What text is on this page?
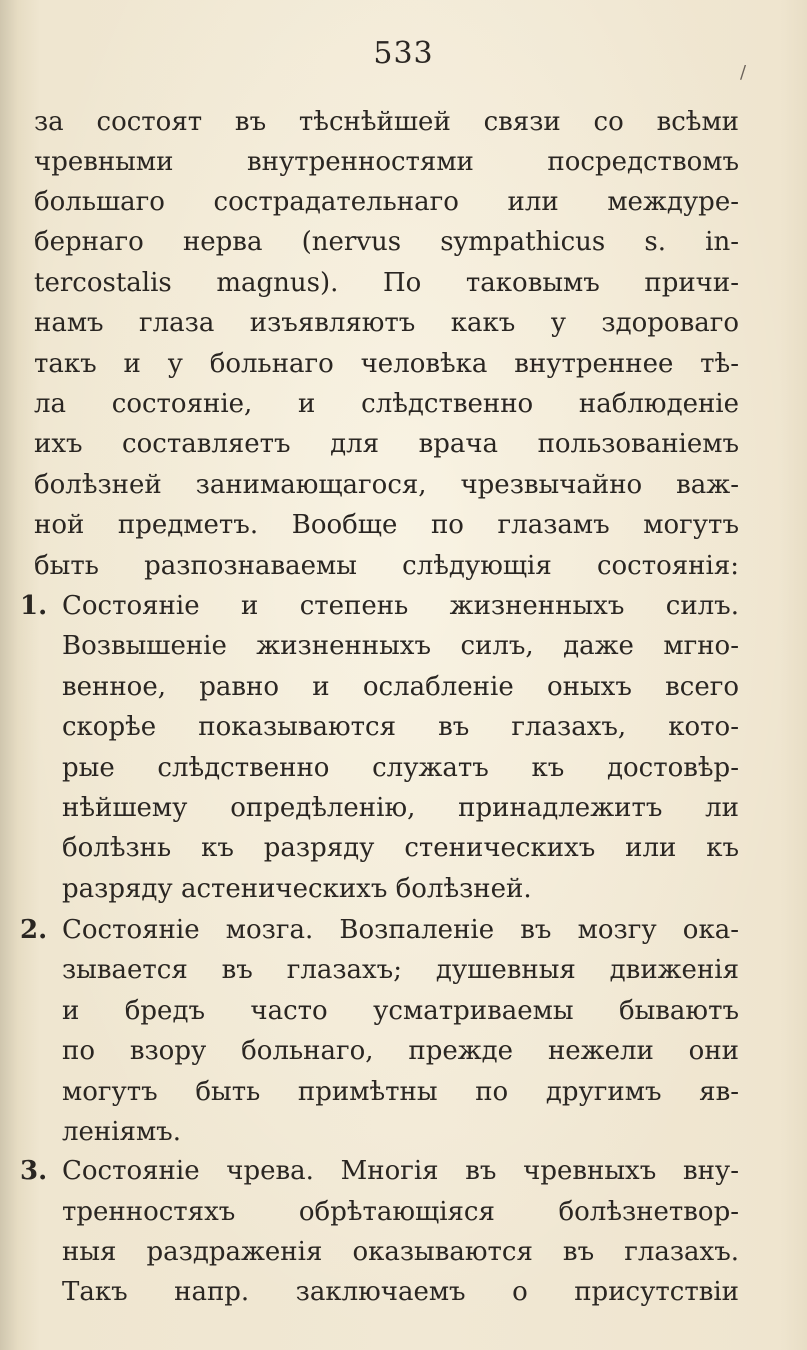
/
533
за состоят въ тѣснѣйшей связи со всѣми
чревными внутренностями посредствомъ
большаго сострадательнаго или междуре-
бернаго нерва (nervus sympathicus s. in-
tercostalis magnus). По таковымъ причи-
намъ глаза изъявляютъ какъ у здороваго
такъ и у больнаго человѣка внутреннее тѣ-
ла состоянiе, и слѣдственно наблюденiе
ихъ составляетъ для врача пользованiемъ
болѣзней занимающагося, чрезвычайно важ-
ной предметъ. Вообще по глазамъ могутъ
быть разпознаваемы слѣдующiя состоянiя:
1. Состоянiе и степень жизненныхъ силъ.
Возвышенiе жизненныхъ силъ, даже мгно-
венное, равно и ослабленiе оныхъ всего
скорѣе показываются въ глазахъ, кото-
рые слѣдственно служатъ къ достовѣр-
нѣйшему опредѣленiю, принадлежитъ ли
болѣзнь къ разряду стеническихъ или къ
разряду астеническихъ болѣзней.
2. Состоянiе мозга. Возпаленiе въ мозгу ока-
зывается въ глазахъ; душевныя движенiя
и бредъ часто усматриваемы бываютъ
по взору больнаго, прежде нежели они
могутъ быть примѣтны по другимъ яв-
ленiямъ.
3. Состоянiе чрева. Многiя въ чревныхъ вну-
тренностяхъ обрѣтающiяся болѣзнетвор-
ныя раздраженiя оказываются въ глазахъ.
Такъ напр. заключаемъ о присутствiи
